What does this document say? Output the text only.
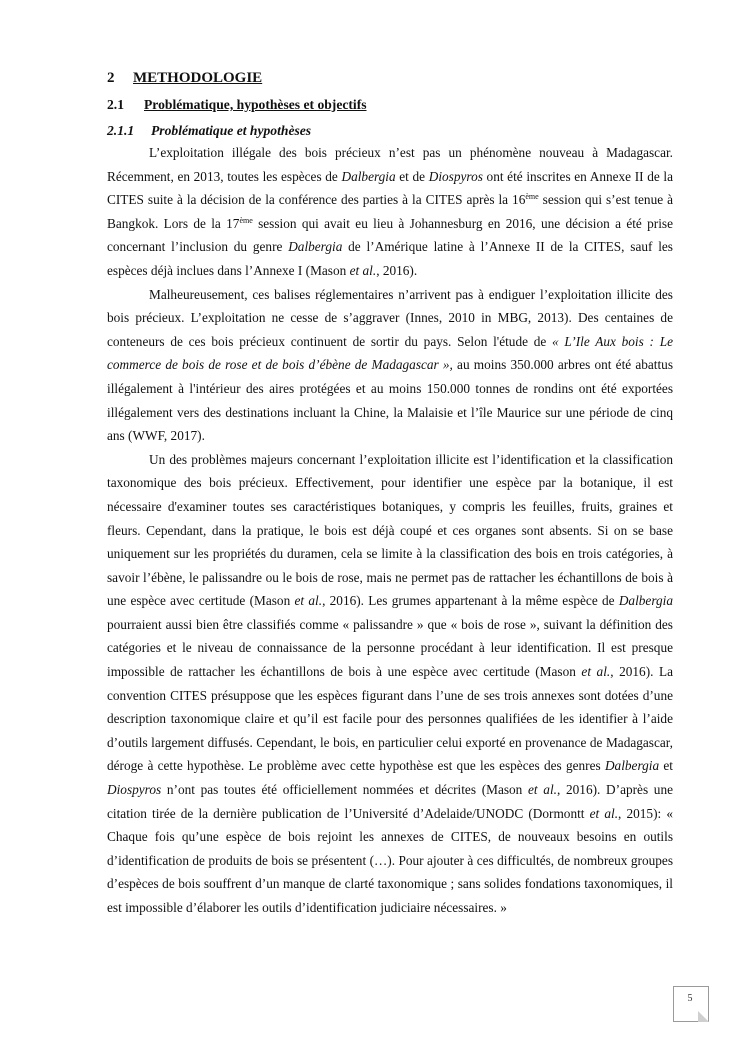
2	METHODOLOGIE
2.1	Problématique, hypothèses et objectifs
2.1.1	Problématique et hypothèses

L’exploitation illégale des bois précieux n’est pas un phénomène nouveau à Madagascar. Récemment, en 2013, toutes les espèces de Dalbergia et de Diospyros ont été inscrites en Annexe II de la CITES suite à la décision de la conférence des parties à la CITES après la 16ème session qui s’est tenue à Bangkok. Lors de la 17ème session qui avait eu lieu à Johannesburg en 2016, une décision a été prise concernant l’inclusion du genre Dalbergia de l’Amérique latine à l’Annexe II de la CITES, sauf les espèces déjà inclues dans l’Annexe I (Mason et al., 2016).

Malheureusement, ces balises réglementaires n’arrivent pas à endiguer l’exploitation illicite des bois précieux. L’exploitation ne cesse de s’aggraver (Innes, 2010 in MBG, 2013). Des centaines de conteneurs de ces bois précieux continuent de sortir du pays. Selon l'étude de « L’Ile Aux bois : Le commerce de bois de rose et de bois d’ébène de Madagascar », au moins 350.000 arbres ont été abattus illégalement à l'intérieur des aires protégées et au moins 150.000 tonnes de rondins ont été exportées illégalement vers des destinations incluant la Chine, la Malaisie et l’île Maurice sur une période de cinq ans (WWF, 2017).

Un des problèmes majeurs concernant l’exploitation illicite est l’identification et la classification taxonomique des bois précieux. Effectivement, pour identifier une espèce par la botanique, il est nécessaire d'examiner toutes ses caractéristiques botaniques, y compris les feuilles, fruits, graines et fleurs. Cependant, dans la pratique, le bois est déjà coupé et ces organes sont absents. Si on se base uniquement sur les propriétés du duramen, cela se limite à la classification des bois en trois catégories, à savoir l’ébène, le palissandre ou le bois de rose, mais ne permet pas de rattacher les échantillons de bois à une espèce avec certitude (Mason et al., 2016). Les grumes appartenant à la même espèce de Dalbergia pourraient aussi bien être classifiés comme « palissandre » que « bois de rose », suivant la définition des catégories et le niveau de connaissance de la personne procédant à leur identification. Il est presque impossible de rattacher les échantillons de bois à une espèce avec certitude (Mason et al., 2016). La convention CITES présuppose que les espèces figurant dans l’une de ses trois annexes sont dotées d’une description taxonomique claire et qu’il est facile pour des personnes qualifiées de les identifier à l’aide d’outils largement diffusés. Cependant, le bois, en particulier celui exporté en provenance de Madagascar, déroge à cette hypothèse. Le problème avec cette hypothèse est que les espèces des genres Dalbergia et Diospyros n’ont pas toutes été officiellement nommées et décrites (Mason et al., 2016). D’après une citation tirée de la dernière publication de l’Université d’Adelaide/UNODC (Dormontt et al., 2015): « Chaque fois qu’une espèce de bois rejoint les annexes de CITES, de nouveaux besoins en outils d’identification de produits de bois se présentent (…). Pour ajouter à ces difficultés, de nombreux groupes d’espèces de bois souffrent d’un manque de clarté taxonomique ; sans solides fondations taxonomiques, il est impossible d’élaborer les outils d’identification judiciaire nécessaires. »

5
